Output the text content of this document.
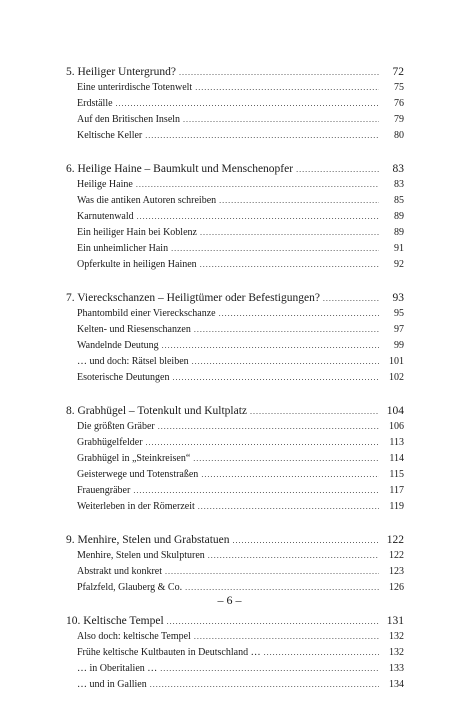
5. Heiliger Untergrund? .....	72
Eine unterirdische Totenwelt .....	75
Erdställe .....	76
Auf den Britischen Inseln .....	79
Keltische Keller .....	80
6. Heilige Haine – Baumkult und Menschenopfer .....	83
Heilige Haine .....	83
Was die antiken Autoren schreiben .....	85
Karnutenwald .....	89
Ein heiliger Hain bei Koblenz .....	89
Ein unheimlicher Hain .....	91
Opferkulte in heiligen Hainen .....	92
7. Viereckschanzen – Heiligtümer oder Befestigungen? .....	93
Phantombild einer Viereckschanze .....	95
Kelten- und Riesenschanzen .....	97
Wandelnde Deutung .....	99
… und doch: Rätsel bleiben .....	101
Esoterische Deutungen .....	102
8. Grabhügel – Totenkult und Kultplatz .....	104
Die größten Gräber .....	106
Grabhügelfelder .....	113
Grabhügel in „Steinkreisen“ .....	114
Geisterwege und Totenstraßen .....	115
Frauengräber .....	117
Weiterleben in der Römerzeit .....	119
9. Menhire, Stelen und Grabstatuen .....	122
Menhire, Stelen und Skulpturen .....	122
Abstrakt und konkret .....	123
Pfalzfeld, Glauberg & Co. .....	126
10. Keltische Tempel .....	131
Also doch: keltische Tempel .....	132
Frühe keltische Kultbauten in Deutschland … .....	132
… in Oberitalien … .....	133
… und in Gallien .....	134
– 6 –
